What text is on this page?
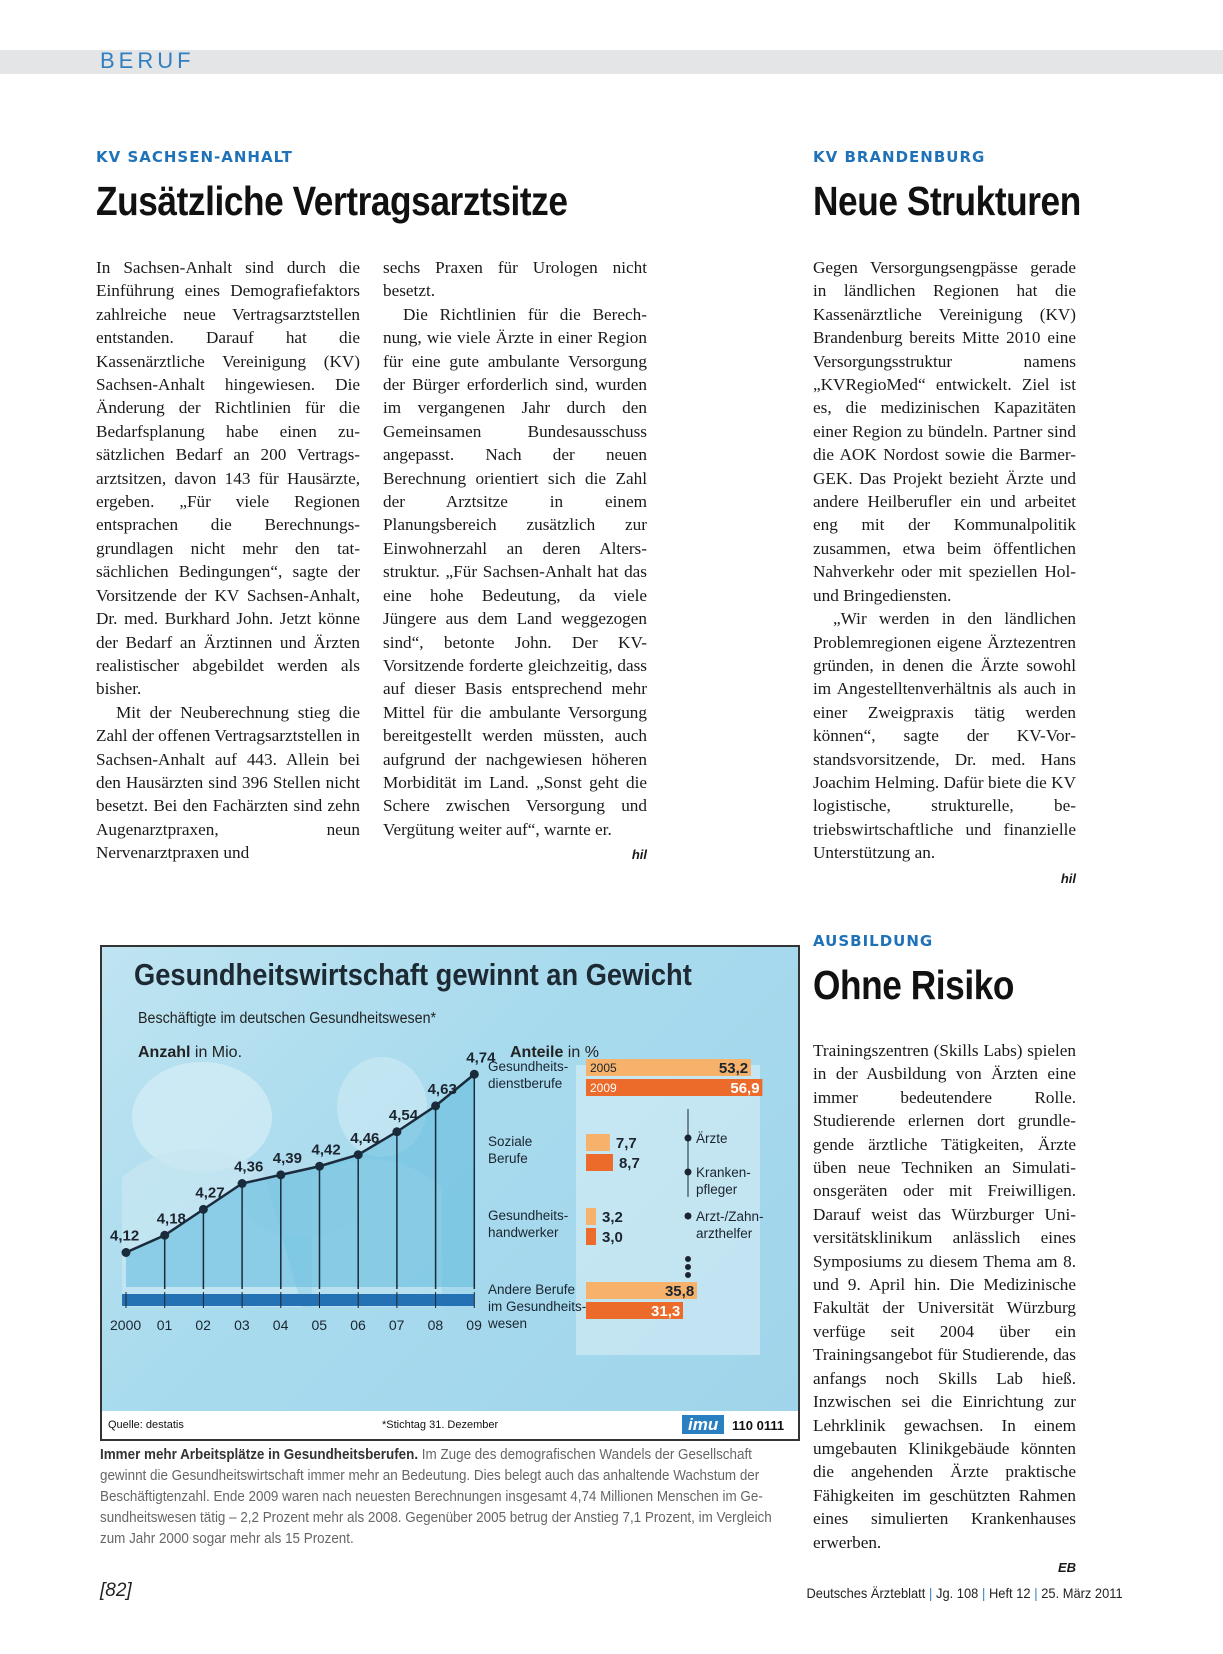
BERUF
KV SACHSEN-ANHALT
Zusätzliche Vertragsarztsitze

In Sachsen-Anhalt sind durch die Einführung eines Demografiefaktors zahlreiche neue Vertragsarztstellen entstanden. Darauf hat die Kassenärztliche Vereinigung (KV) Sachsen-Anhalt hingewiesen. Die Änderung der Richtlinien für die Bedarfsplanung habe einen zusätzlichen Bedarf an 200 Vertragsarztsitzen, davon 143 für Hausärzte, ergeben. „Für viele Regionen entsprachen die Berechnungsgrundlagen nicht mehr den tatsächlichen Bedingungen“, sagte der Vorsitzende der KV Sachsen-Anhalt, Dr. med. Burkhard John. Jetzt könne der Bedarf an Ärztinnen und Ärzten realistischer abgebildet werden als bisher.

Mit der Neuberechnung stieg die Zahl der offenen Vertragsarztstellen in Sachsen-Anhalt auf 443. Allein bei den Hausärzten sind 396 Stellen nicht besetzt. Bei den Fachärzten sind zehn Augenarztpraxen, neun Nervenarztpraxen und

sechs Praxen für Urologen nicht besetzt.

Die Richtlinien für die Berechnung, wie viele Ärzte in einer Region für eine gute ambulante Versorgung der Bürger erforderlich sind, wurden im vergangenen Jahr durch den Gemeinsamen Bundesausschuss angepasst. Nach der neuen Berechnung orientiert sich die Zahl der Arztsitze in einem Planungsbereich zusätzlich zur Einwohnerzahl an deren Altersstruktur. „Für Sachsen-Anhalt hat das eine hohe Bedeutung, da viele Jüngere aus dem Land weggezogen sind“, betonte John. Der KV-Vorsitzende forderte gleichzeitig, dass auf dieser Basis entsprechend mehr Mittel für die ambulante Versorgung bereitgestellt werden müssten, auch aufgrund der nachgewiesen höheren Morbidität im Land. „Sonst geht die Schere zwischen Versorgung und Vergütung weiter auf“, warnte er.

hil
KV BRANDENBURG
Neue Strukturen

Gegen Versorgungsengpässe gerade in ländlichen Regionen hat die Kassenärztliche Vereinigung (KV) Brandenburg bereits Mitte 2010 eine Versorgungsstruktur namens „KVRegioMed“ entwickelt. Ziel ist es, die medizinischen Kapazitäten einer Region zu bündeln. Partner sind die AOK Nordost sowie die Barmer-GEK. Das Projekt bezieht Ärzte und andere Heilberufler ein und arbeitet eng mit der Kommunalpolitik zusammen, etwa beim öffentlichen Nahverkehr oder mit speziellen Hol- und Bringediensten.

„Wir werden in den ländlichen Problemregionen eigene Ärztezentren gründen, in denen die Ärzte sowohl im Angestelltenverhältnis als auch in einer Zweigpraxis tätig werden können“, sagte der KV-Vorstandsvorsitzende, Dr. med. Hans Joachim Helming. Dafür biete die KV logistische, strukturelle, betriebswirtschaftliche und finanzielle Unterstützung an.

hil
4,12
4,18
4,27
4,36
4,39
4,42
4,46
4,54
4,63
4,74
2000 01 02 03 04 05 06 07 08 09
Gesundheits-
dienstberufe
53,2
2005
56,9
2009
Soziale
Berufe
7,7
8,7
Gesundheits-
handwerker
3,2
3,0
Andere Berufe
im Gesundheits-
wesen
35,8
31,3
Ärzte
Kranken-
pfleger
Arzt-/Zahn-
arzthelfer
Gesundheitswirtschaft gewinnt an Gewicht
Beschäftigte im deutschen Gesundheitswesen*
Anzahl in Mio.	Anteile in %
Quelle: destatis	*Stichtag 31. Dezember	imu	110 0111
Immer mehr Arbeitsplätze in Gesundheitsberufen. Im Zuge des demografischen Wandels der Gesellschaft gewinnt die Gesundheitswirtschaft immer mehr an Bedeutung. Dies belegt auch das anhaltende Wachstum der Beschäftigtenzahl. Ende 2009 waren nach neuesten Berechnungen insgesamt 4,74 Millionen Menschen im Gesundheitswesen tätig – 2,2 Prozent mehr als 2008. Gegenüber 2005 betrug der Anstieg 7,1 Prozent, im Vergleich zum Jahr 2000 sogar mehr als 15 Prozent.
AUSBILDUNG
Ohne Risiko

Trainingszentren (Skills Labs) spielen in der Ausbildung von Ärzten eine immer bedeutendere Rolle. Studierende erlernen dort grundlegende ärztliche Tätigkeiten, Ärzte üben neue Techniken an Simulationsgeräten oder mit Freiwilligen. Darauf weist das Würzburger Universitätsklinikum anlässlich eines Symposiums zu diesem Thema am 8. und 9. April hin. Die Medizinische Fakultät der Universität Würzburg verfüge seit 2004 über ein Trainingsangebot für Studierende, das anfangs noch Skills Lab hieß. Inzwischen sei die Einrichtung zur Lehrklinik gewachsen. In einem umgebauten Klinikgebäude könnten die angehenden Ärzte praktische Fähigkeiten im geschützten Rahmen eines simulierten Krankenhauses erwerben.

EB
[82]	Deutsches Ärzteblatt | Jg. 108 | Heft 12 | 25. März 2011
